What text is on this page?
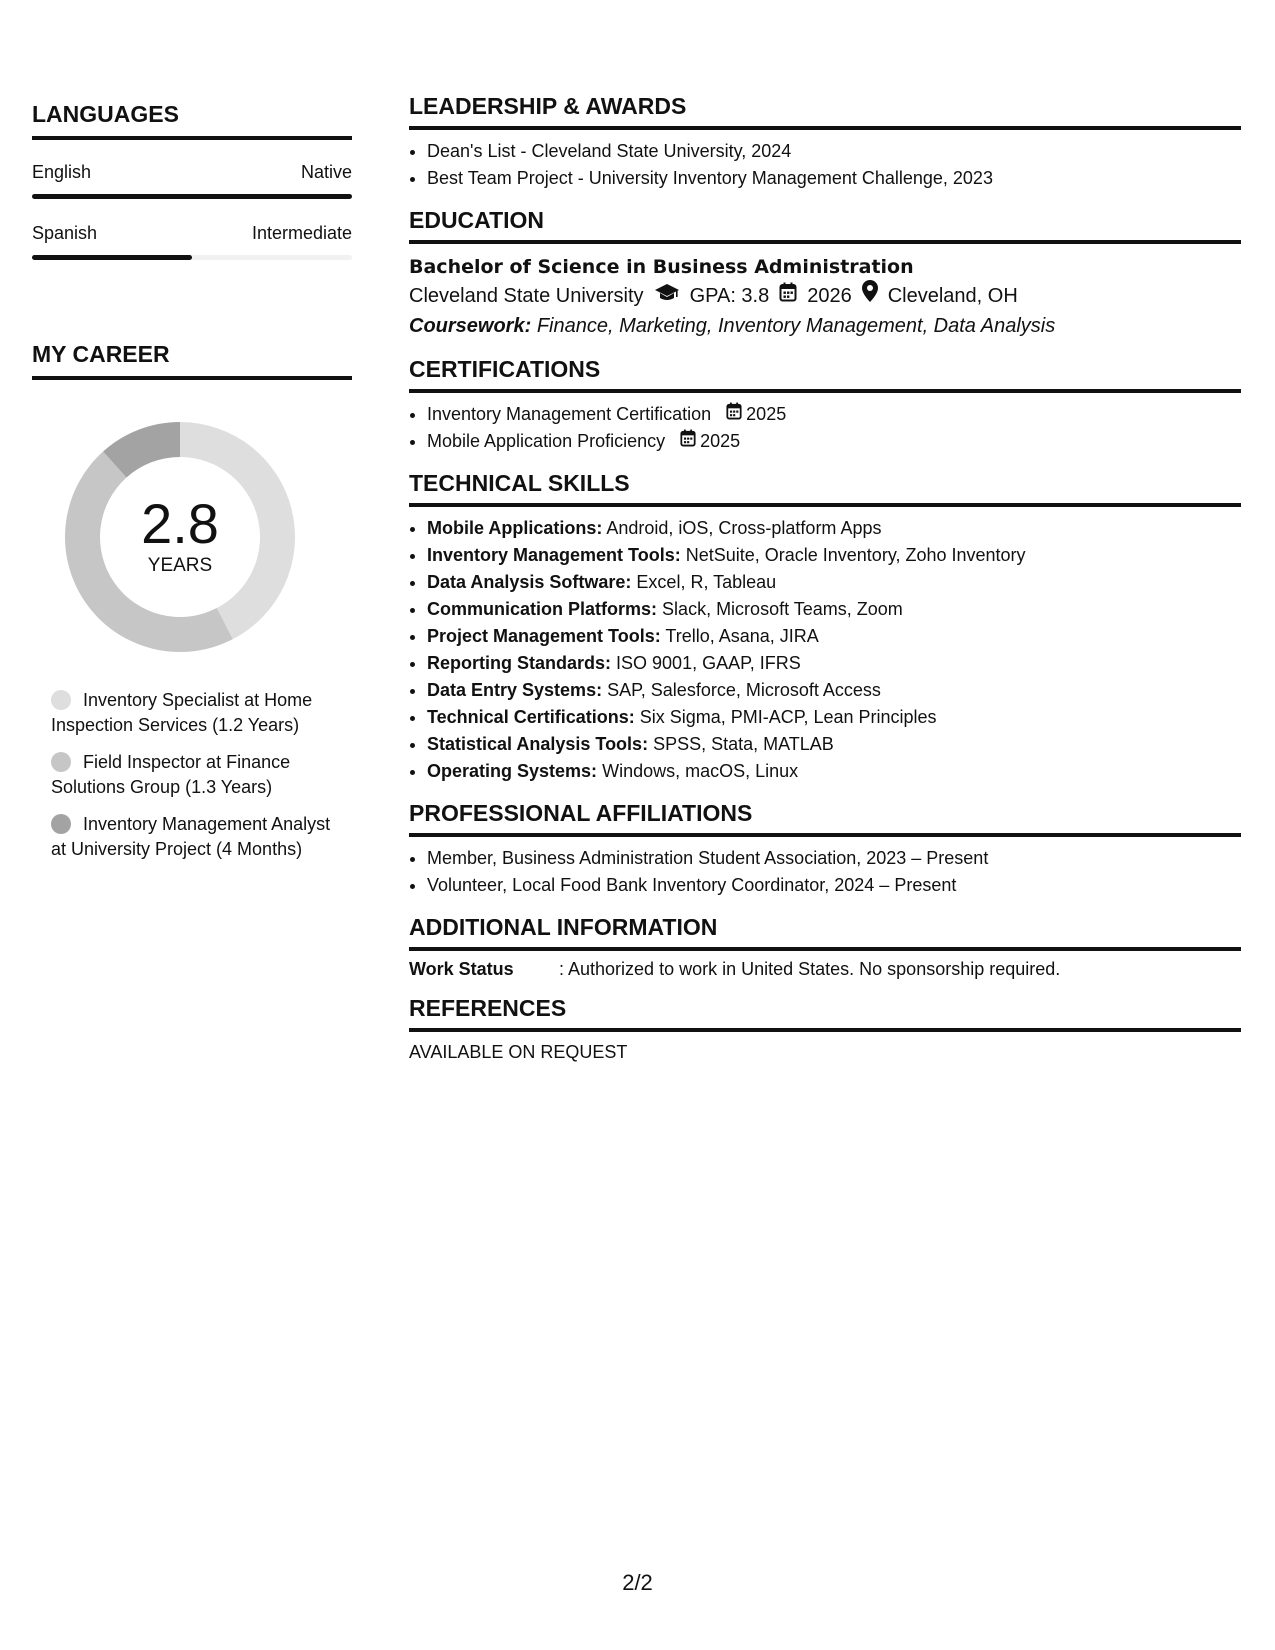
LANGUAGES
English	Native
Spanish	Intermediate
MY CAREER
2.8
YEARS
Inventory Specialist at Home Inspection Services (1.2 Years)
Field Inspector at Finance Solutions Group (1.3 Years)
Inventory Management Analyst at University Project (4 Months)
LEADERSHIP & AWARDS
• Dean's List - Cleveland State University, 2024
• Best Team Project - University Inventory Management Challenge, 2023
EDUCATION
Bachelor of Science in Business Administration
Cleveland State University GPA: 3.8 2026 Cleveland, OH
Coursework: Finance, Marketing, Inventory Management, Data Analysis
CERTIFICATIONS
• Inventory Management Certification 2025
• Mobile Application Proficiency 2025
TECHNICAL SKILLS
• Mobile Applications: Android, iOS, Cross-platform Apps
• Inventory Management Tools: NetSuite, Oracle Inventory, Zoho Inventory
• Data Analysis Software: Excel, R, Tableau
• Communication Platforms: Slack, Microsoft Teams, Zoom
• Project Management Tools: Trello, Asana, JIRA
• Reporting Standards: ISO 9001, GAAP, IFRS
• Data Entry Systems: SAP, Salesforce, Microsoft Access
• Technical Certifications: Six Sigma, PMI-ACP, Lean Principles
• Statistical Analysis Tools: SPSS, Stata, MATLAB
• Operating Systems: Windows, macOS, Linux
PROFESSIONAL AFFILIATIONS
• Member, Business Administration Student Association, 2023 – Present
• Volunteer, Local Food Bank Inventory Coordinator, 2024 – Present
ADDITIONAL INFORMATION
Work Status	: Authorized to work in United States. No sponsorship required.
REFERENCES
AVAILABLE ON REQUEST
2/2
